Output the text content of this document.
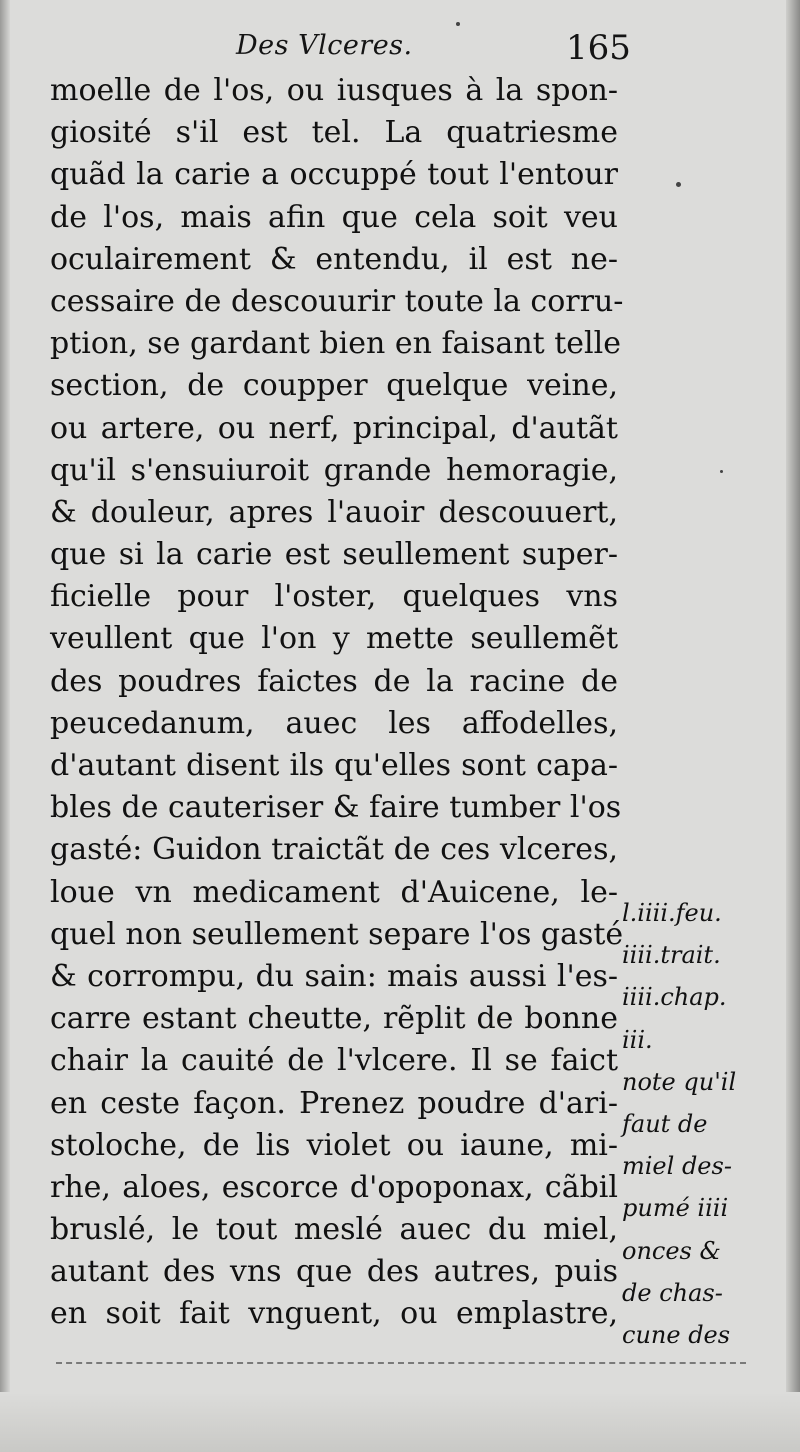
Des Vlceres.	165
moelle de l'os, ou iusques à la spon-
giosité s'il est tel. La quatriesme
quãd la carie a occuppé tout l'entour
de l'os, mais afin que cela soit veu
oculairement & entendu, il est ne-
cessaire de descouurir toute la corru-
ption, se gardant bien en faisant telle
section, de coupper quelque veine,
ou artere, ou nerf, principal, d'autãt
qu'il s'ensuiuroit grande hemoragie,
& douleur, apres l'auoir descouuert,
que si la carie est seullement super-
ficielle pour l'oster, quelques vns
veullent que l'on y mette seullemẽt
des poudres faictes de la racine de
peucedanum, auec les affodelles,
d'autant disent ils qu'elles sont capa-
bles de cauteriser & faire tumber l'os
gasté: Guidon traictãt de ces vlceres,
loue vn medicament d'Auicene, le-
quel non seullement separe l'os gasté
& corrompu, du sain: mais aussi l'es-
carre estant cheutte, rẽplit de bonne
chair la cauité de l'vlcere. Il se faict
en ceste façon. Prenez poudre d'ari-
stoloche, de lis violet ou iaune, mi-
rhe, aloes, escorce d'opoponax, cãbil
bruslé, le tout meslé auec du miel,
autant des vns que des autres, puis
en soit fait vnguent, ou emplastre,
l.iiii.feu.
iiii.trait.
iiii.chap.
iii.
note qu'il
faut de
miel des-
pumé iiii
onces &
de chas-
cune des
